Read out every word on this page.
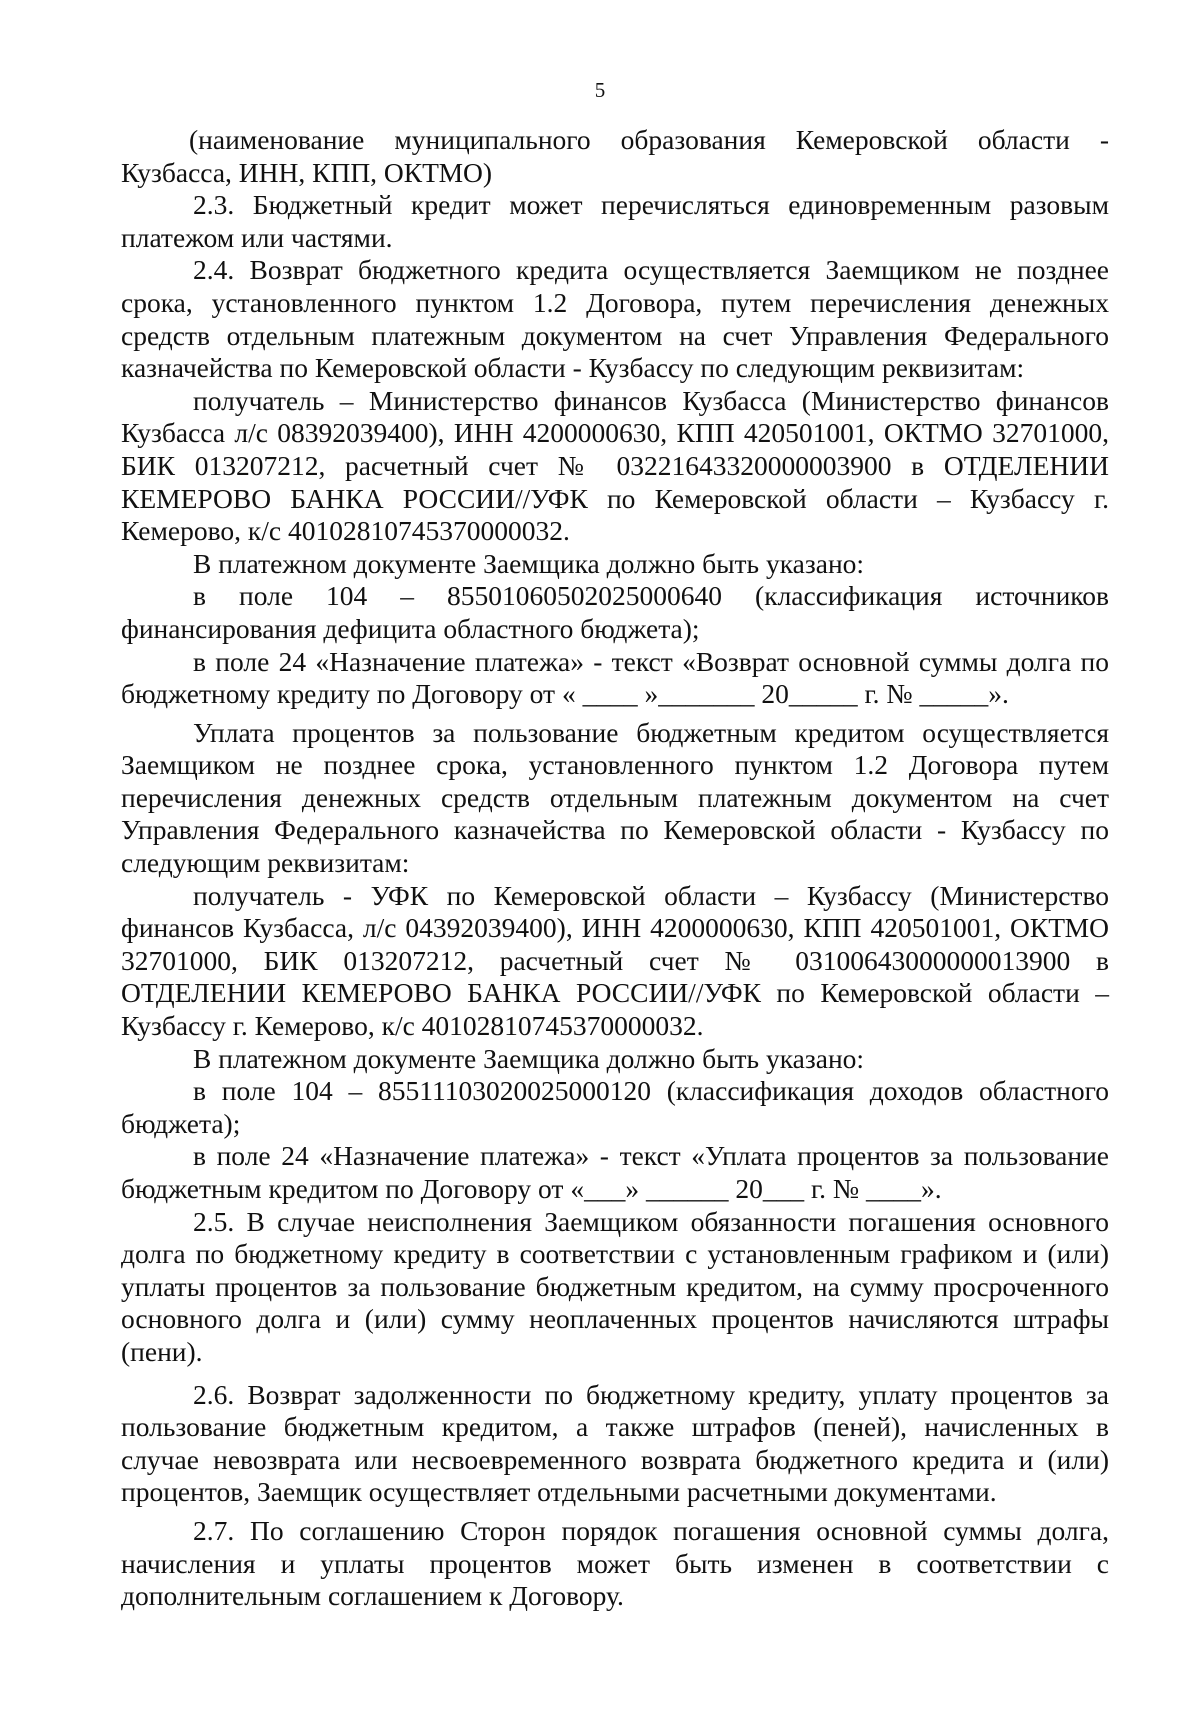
5

(наименование муниципального образования Кемеровской области - Кузбасса, ИНН, КПП, ОКТМО)

2.3. Бюджетный кредит может перечисляться единовременным разовым платежом или частями.

2.4. Возврат бюджетного кредита осуществляется Заемщиком не позднее срока, установленного пунктом 1.2 Договора, путем перечисления денежных средств отдельным платежным документом на счет Управления Федерального казначейства по Кемеровской области - Кузбассу по следующим реквизитам:

получатель – Министерство финансов Кузбасса (Министерство финансов Кузбасса л/с 08392039400), ИНН 4200000630, КПП 420501001, ОКТМО 32701000, БИК 013207212, расчетный счет № 03221643320000003900 в ОТДЕЛЕНИИ КЕМЕРОВО БАНКА РОССИИ//УФК по Кемеровской области – Кузбассу г. Кемерово, к/с 40102810745370000032.

В платежном документе Заемщика должно быть указано:

в поле 104 – 85501060502025000640 (классификация источников финансирования дефицита областного бюджета);

в поле 24 «Назначение платежа» - текст «Возврат основной суммы долга по бюджетному кредиту по Договору от « ____ »_______ 20_____ г. № _____».

Уплата процентов за пользование бюджетным кредитом осуществляется Заемщиком не позднее срока, установленного пунктом 1.2 Договора путем перечисления денежных средств отдельным платежным документом на счет Управления Федерального казначейства по Кемеровской области - Кузбассу по следующим реквизитам:

получатель - УФК по Кемеровской области – Кузбассу (Министерство финансов Кузбасса, л/с 04392039400), ИНН 4200000630, КПП 420501001, ОКТМО 32701000, БИК 013207212, расчетный счет № 03100643000000013900 в ОТДЕЛЕНИИ КЕМЕРОВО БАНКА РОССИИ//УФК по Кемеровской области – Кузбассу г. Кемерово, к/с 40102810745370000032.

В платежном документе Заемщика должно быть указано:

в поле 104 – 85511103020025000120 (классификация доходов областного бюджета);

в поле 24 «Назначение платежа» - текст «Уплата процентов за пользование бюджетным кредитом по Договору от «___» ______ 20___ г. № ____».

2.5. В случае неисполнения Заемщиком обязанности погашения основного долга по бюджетному кредиту в соответствии с установленным графиком и (или) уплаты процентов за пользование бюджетным кредитом, на сумму просроченного основного долга и (или) сумму неоплаченных процентов начисляются штрафы (пени).

2.6. Возврат задолженности по бюджетному кредиту, уплату процентов за пользование бюджетным кредитом, а также штрафов (пеней), начисленных в случае невозврата или несвоевременного возврата бюджетного кредита и (или) процентов, Заемщик осуществляет отдельными расчетными документами.

2.7. По соглашению Сторон порядок погашения основной суммы долга, начисления и уплаты процентов может быть изменен в соответствии с дополнительным соглашением к Договору.
